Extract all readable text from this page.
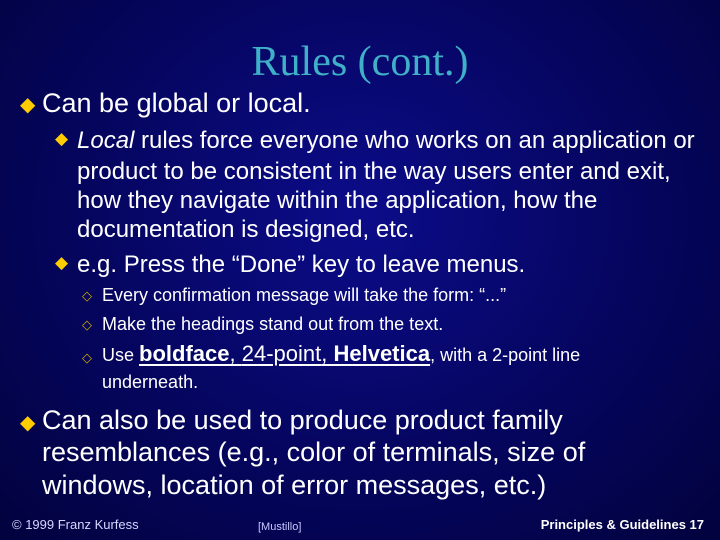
Rules (cont.)
◆ Can be global or local.
◆ Local rules force everyone who works on an application or
product to be consistent in the way users enter and exit,
how they navigate within the application, how the
documentation is designed, etc.
◆ e.g. Press the “Done” key to leave menus.
◇ Every confirmation message will take the form: “...”
◇ Make the headings stand out from the text.
◇ Use boldface, 24-point, Helvetica, with a 2-point line
underneath.
◆ Can also be used to produce product family
resemblances (e.g., color of terminals, size of
windows, location of error messages, etc.)
© 1999 Franz Kurfess	[Mustillo]	Principles & Guidelines 17
